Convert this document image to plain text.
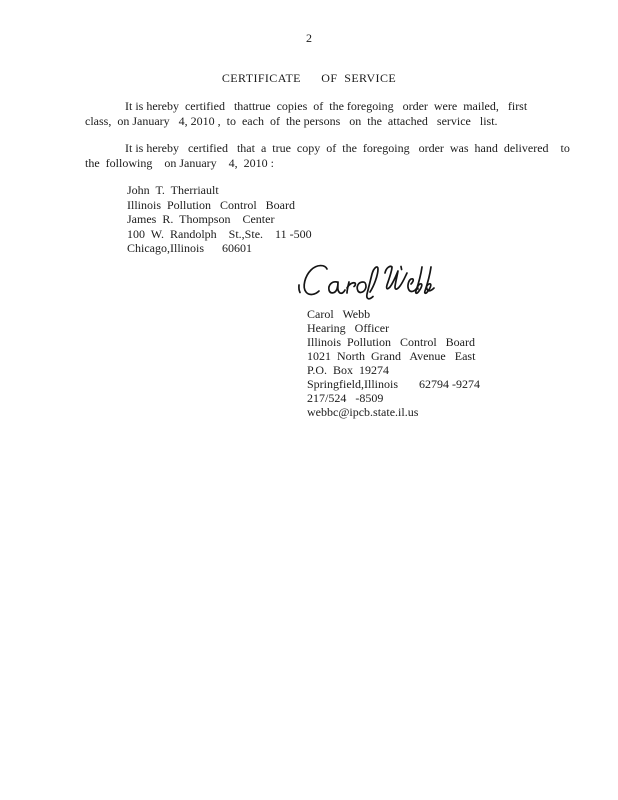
2
CERTIFICATE      OF  SERVICE
It is hereby  certified   thattrue  copies  of  the foregoing   order  were  mailed,   first
class,  on January   4, 2010 ,  to  each  of  the persons   on  the  attached   service   list.
It is hereby   certified   that  a  true  copy  of  the  foregoing   order  was  hand  delivered    to
the  following    on January    4,  2010 :
John  T.  Therriault
Illinois  Pollution   Control   Board
James  R.  Thompson    Center
100  W.  Randolph    St.,Ste.    11 -500
Chicago,Illinois      60601
Carol   Webb
Hearing   Officer
Illinois  Pollution   Control   Board
1021  North  Grand   Avenue   East
P.O.  Box  19274
Springfield,Illinois       62794 -9274
217/524   -8509
webbc@ipcb.state.il.us
